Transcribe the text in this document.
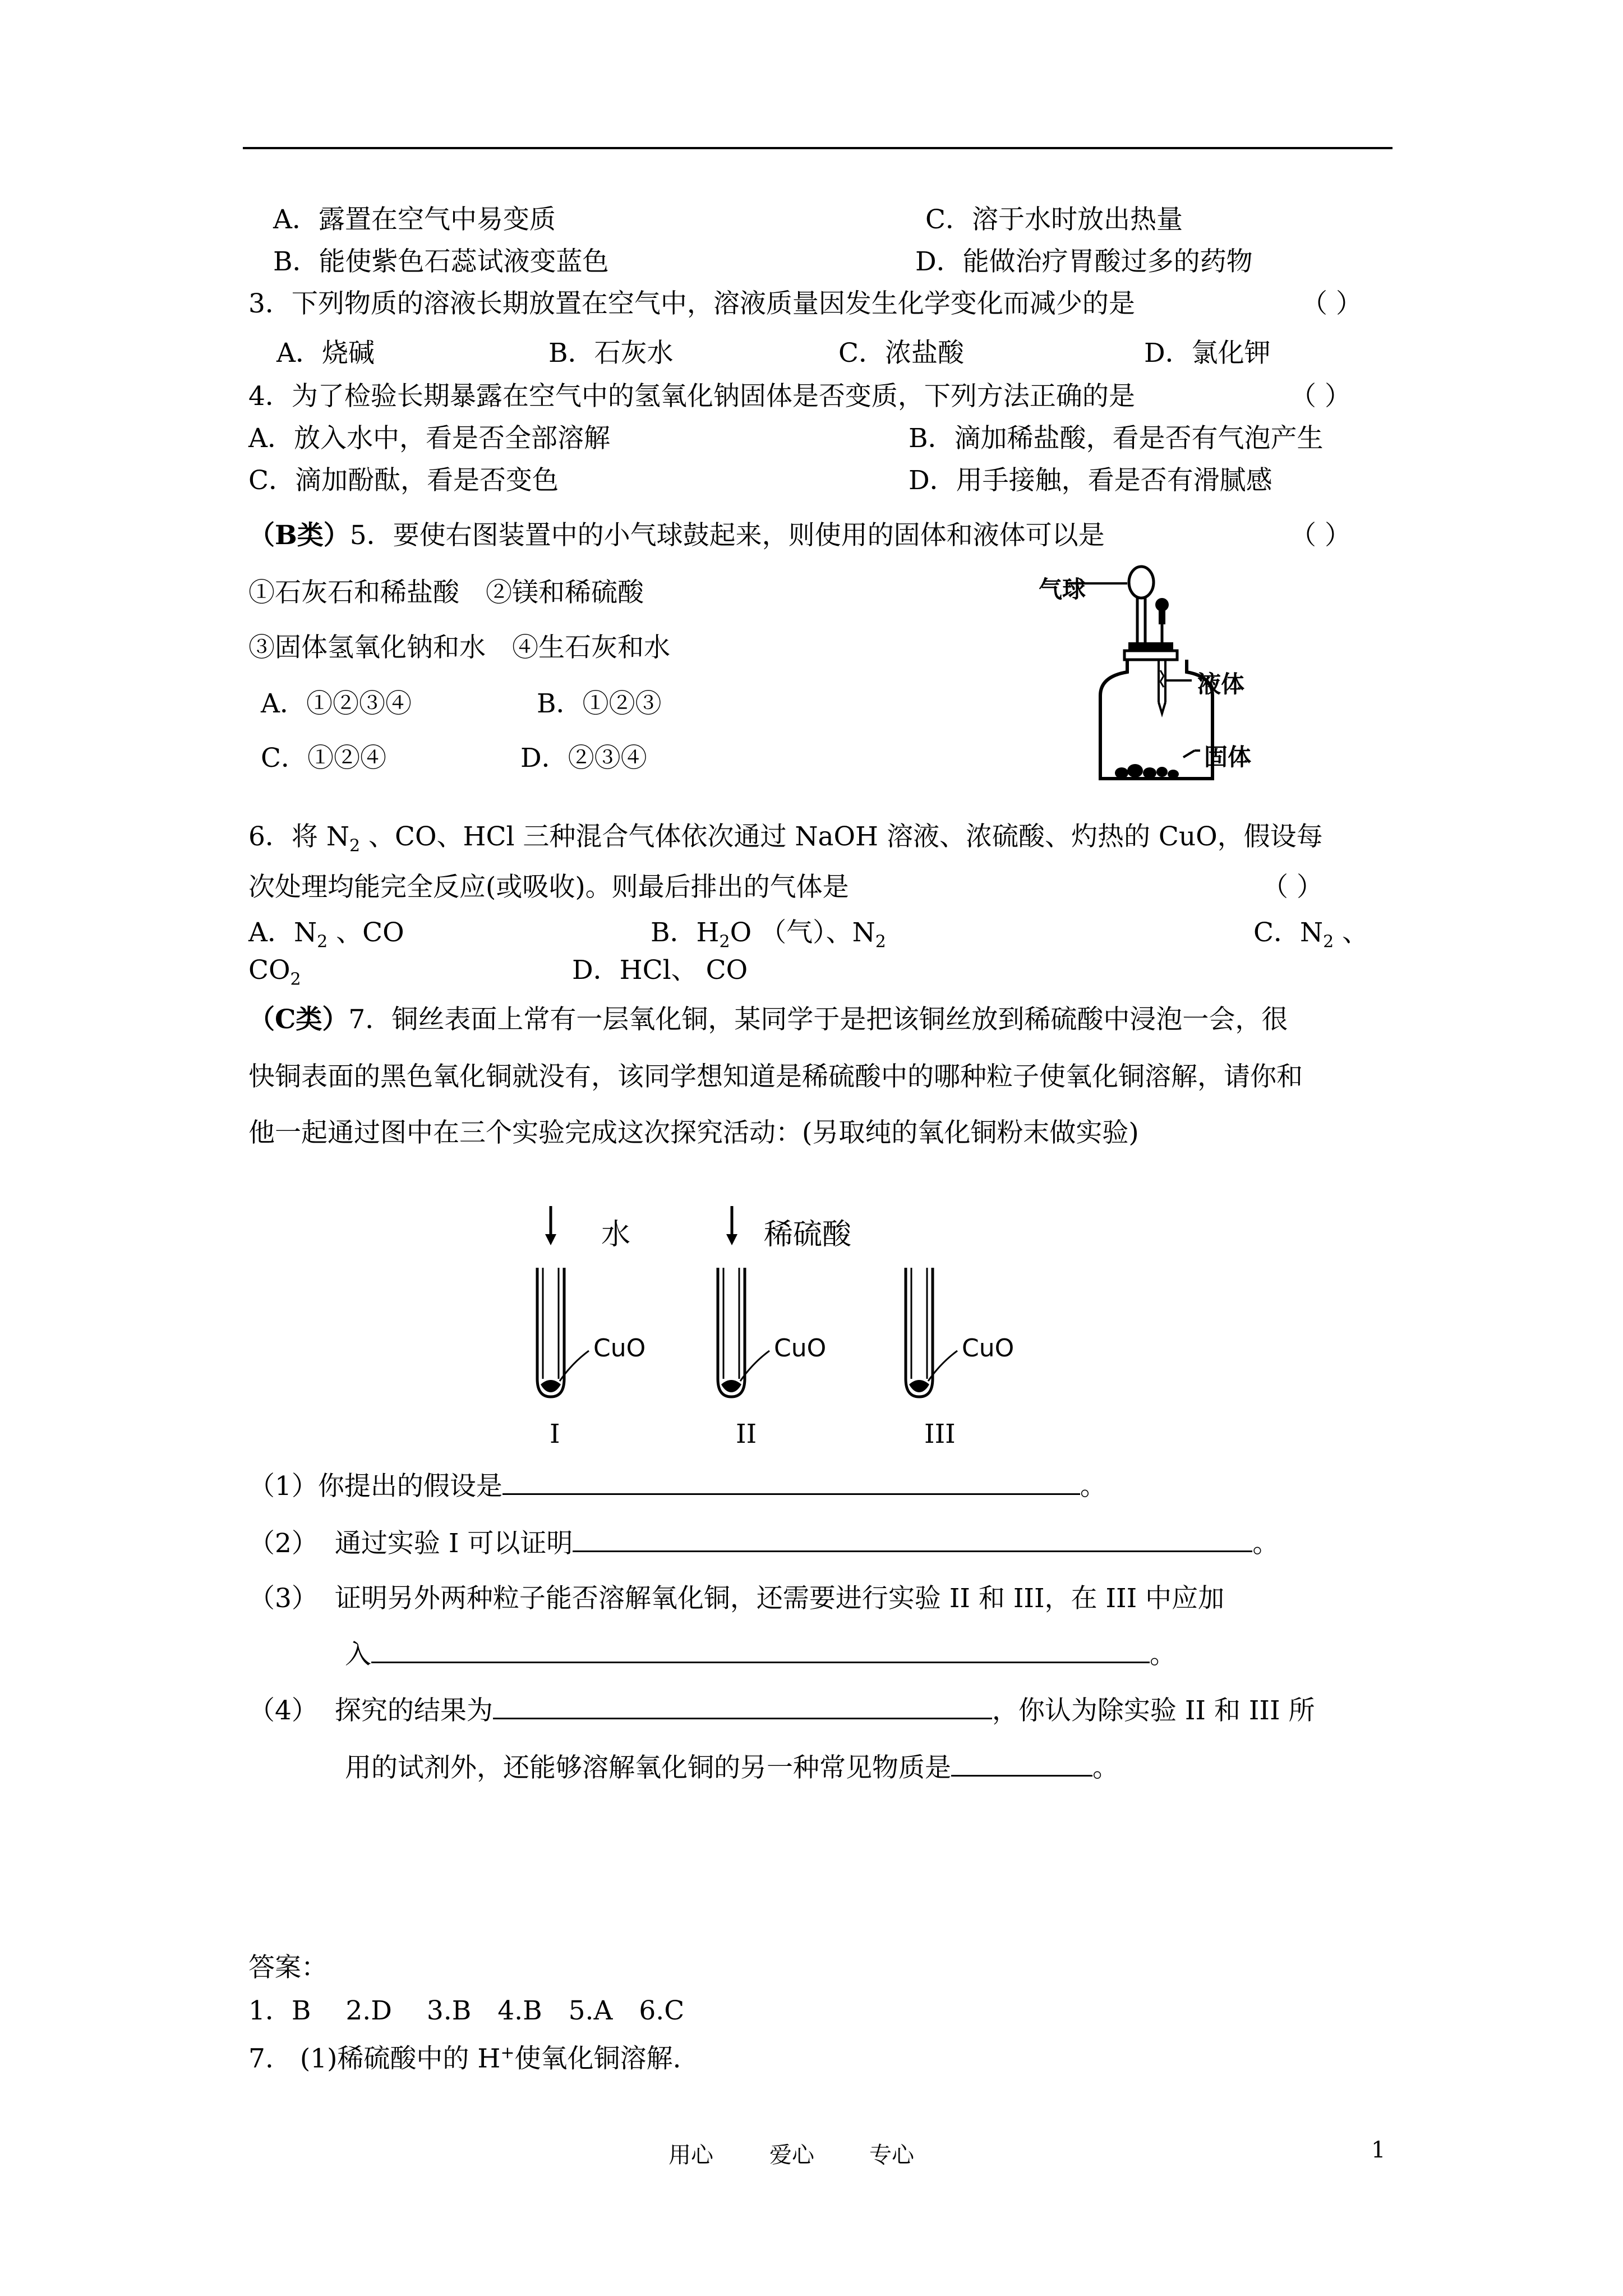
A．露置在空气中易变质	C．溶于水时放出热量
B．能使紫色石蕊试液变蓝色	D．能做治疗胃酸过多的药物
3．下列物质的溶液长期放置在空气中，溶液质量因发生化学变化而减少的是	（ ）
A．烧碱	B．石灰水	C．浓盐酸	D．氯化钾
4．为了检验长期暴露在空气中的氢氧化钠固体是否变质，下列方法正确的是	（ ）
A．放入水中，看是否全部溶解	B．滴加稀盐酸，看是否有气泡产生
C．滴加酚酞，看是否变色	D．用手接触，看是否有滑腻感
（B类）5．要使右图装置中的小气球鼓起来，则使用的固体和液体可以是	（ ）
①石灰石和稀盐酸　②镁和稀硫酸
③固体氢氧化钠和水　④生石灰和水
A．①②③④	B．①②③
C．①②④	D．②③④
气球
液体
固体
6．将 $N_2$ 、CO、HCl 三种混合气体依次通过 NaOH 溶液、浓硫酸、灼热的 CuO，假设每
次处理均能完全反应(或吸收)。则最后排出的气体是	（ ）
A．$N_2$ 、CO	B．$H_2O$ （气）、$N_2$	C．$N_2$ 、
$CO_2$	D．HCl、 CO
（C类）7．铜丝表面上常有一层氧化铜，某同学于是把该铜丝放到稀硫酸中浸泡一会，很
快铜表面的黑色氧化铜就没有，该同学想知道是稀硫酸中的哪种粒子使氧化铜溶解，请你和
他一起通过图中在三个实验完成这次探究活动：(另取纯的氧化铜粉末做实验)
水	稀硫酸
CuO	CuO	CuO
I	II	III
（1）你提出的假设是	。
（2） 通过实验 I 可以证明	。
（3） 证明另外两种粒子能否溶解氧化铜，还需要进行实验 II 和 III，在 III 中应加
入	。
（4） 探究的结果为	，你认为除实验 II 和 III 所
用的试剂外，还能够溶解氧化铜的另一种常见物质是	。
答案：
1．B　 2.D　 3.B　4.B　5.A　6.C
7.　(1)稀硫酸中的 H+使氧化铜溶解.
用心	爱心 专心	1
